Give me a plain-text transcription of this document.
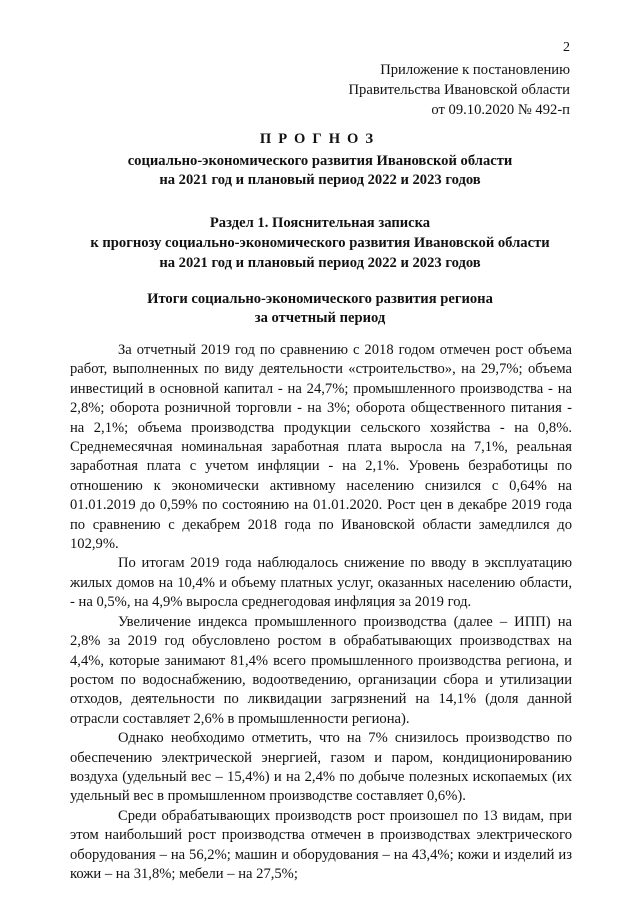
2
Приложение к постановлению
Правительства Ивановской области
от 09.10.2020 № 492-п
ПРОГНОЗ
социально-экономического развития Ивановской области
на 2021 год и плановый период 2022 и 2023 годов
Раздел 1. Пояснительная записка
к прогнозу социально-экономического развития Ивановской области
на 2021 год и плановый период 2022 и 2023 годов
Итоги социально-экономического развития региона
за отчетный период

За отчетный 2019 год по сравнению с 2018 годом отмечен рост объема работ, выполненных по виду деятельности «строительство», на 29,7%; объема инвестиций в основной капитал - на 24,7%; промышленного производства - на 2,8%; оборота розничной торговли - на 3%; оборота общественного питания - на 2,1%; объема производства продукции сельского хозяйства - на 0,8%. Среднемесячная номинальная заработная плата выросла на 7,1%, реальная заработная плата с учетом инфляции - на 2,1%. Уровень безработицы по отношению к экономически активному населению снизился с 0,64% на 01.01.2019 до 0,59% по состоянию на 01.01.2020. Рост цен в декабре 2019 года по сравнению с декабрем 2018 года по Ивановской области замедлился до 102,9%.

По итогам 2019 года наблюдалось снижение по вводу в эксплуатацию жилых домов на 10,4% и объему платных услуг, оказанных населению области, - на 0,5%, на 4,9% выросла среднегодовая инфляция за 2019 год.

Увеличение индекса промышленного производства (далее – ИПП) на 2,8% за 2019 год обусловлено ростом в обрабатывающих производствах на 4,4%, которые занимают 81,4% всего промышленного производства региона, и ростом по водоснабжению, водоотведению, организации сбора и утилизации отходов, деятельности по ликвидации загрязнений на 14,1% (доля данной отрасли составляет 2,6% в промышленности региона).

Однако необходимо отметить, что на 7% снизилось производство по обеспечению электрической энергией, газом и паром, кондиционированию воздуха (удельный вес – 15,4%) и на 2,4% по добыче полезных ископаемых (их удельный вес в промышленном производстве составляет 0,6%).

Среди обрабатывающих производств рост произошел по 13 видам, при этом наибольший рост производства отмечен в производствах электрического оборудования – на 56,2%; машин и оборудования – на 43,4%; кожи и изделий из кожи – на 31,8%; мебели – на 27,5%;
